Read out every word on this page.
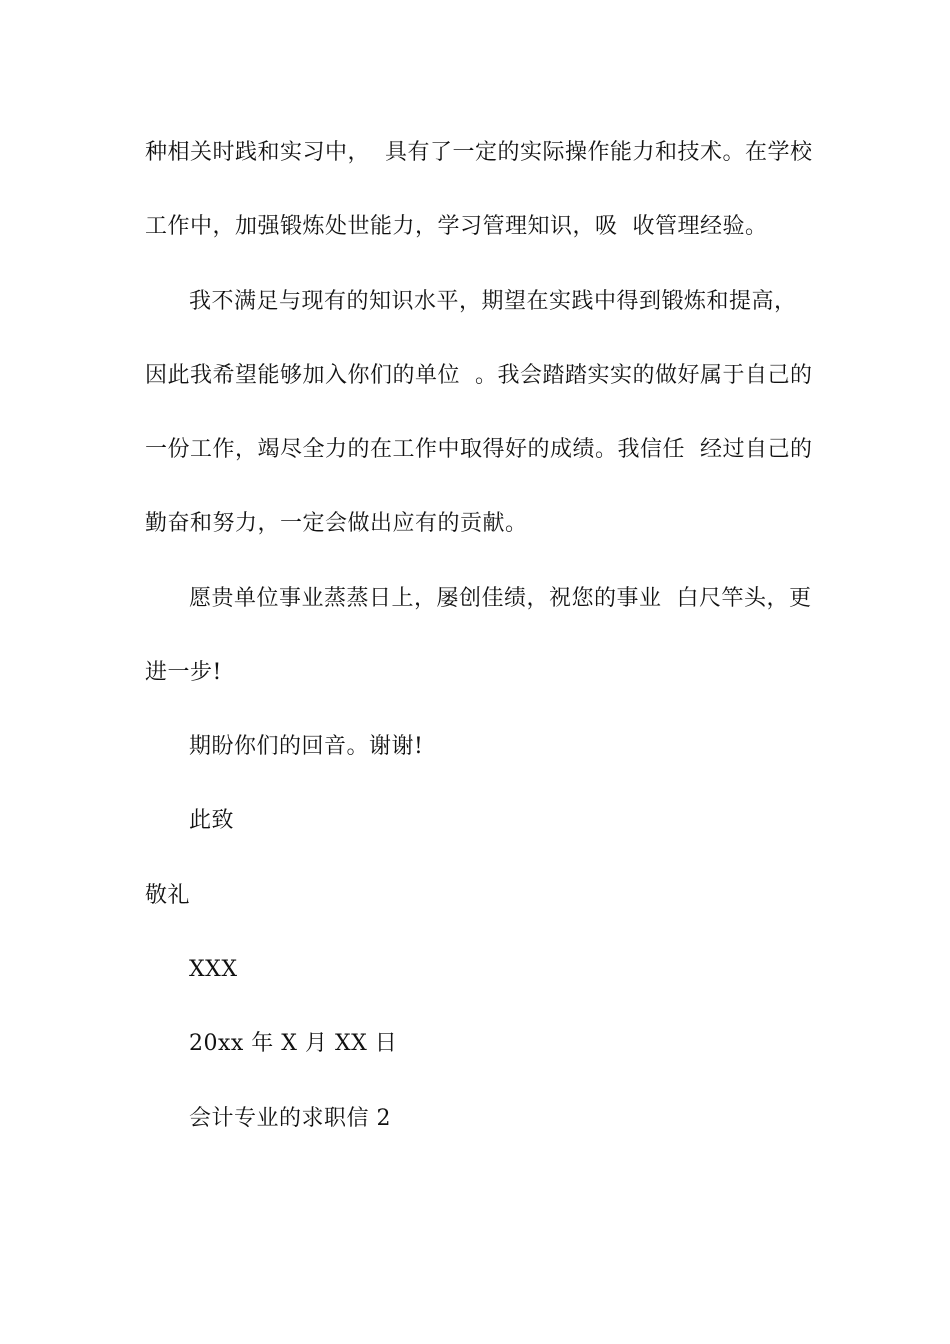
种相关时践和实习中，  具有了一定的实际操作能力和技术。在学校
工作中，加强锻炼处世能力，学习管理知识，吸  收管理经验。
我不满足与现有的知识水平，期望在实践中得到锻炼和提高，
因此我希望能够加入你们的单位  。我会踏踏实实的做好属于自己的
一份工作，竭尽全力的在工作中取得好的成绩。我信任  经过自己的
勤奋和努力，一定会做出应有的贡献。
愿贵单位事业蒸蒸日上，屡创佳绩，祝您的事业  白尺竿头，更
进一步!
期盼你们的回音。谢谢!
此致
敬礼
XXX
20xx 年 X 月 XX 日
会计专业的求职信 2
